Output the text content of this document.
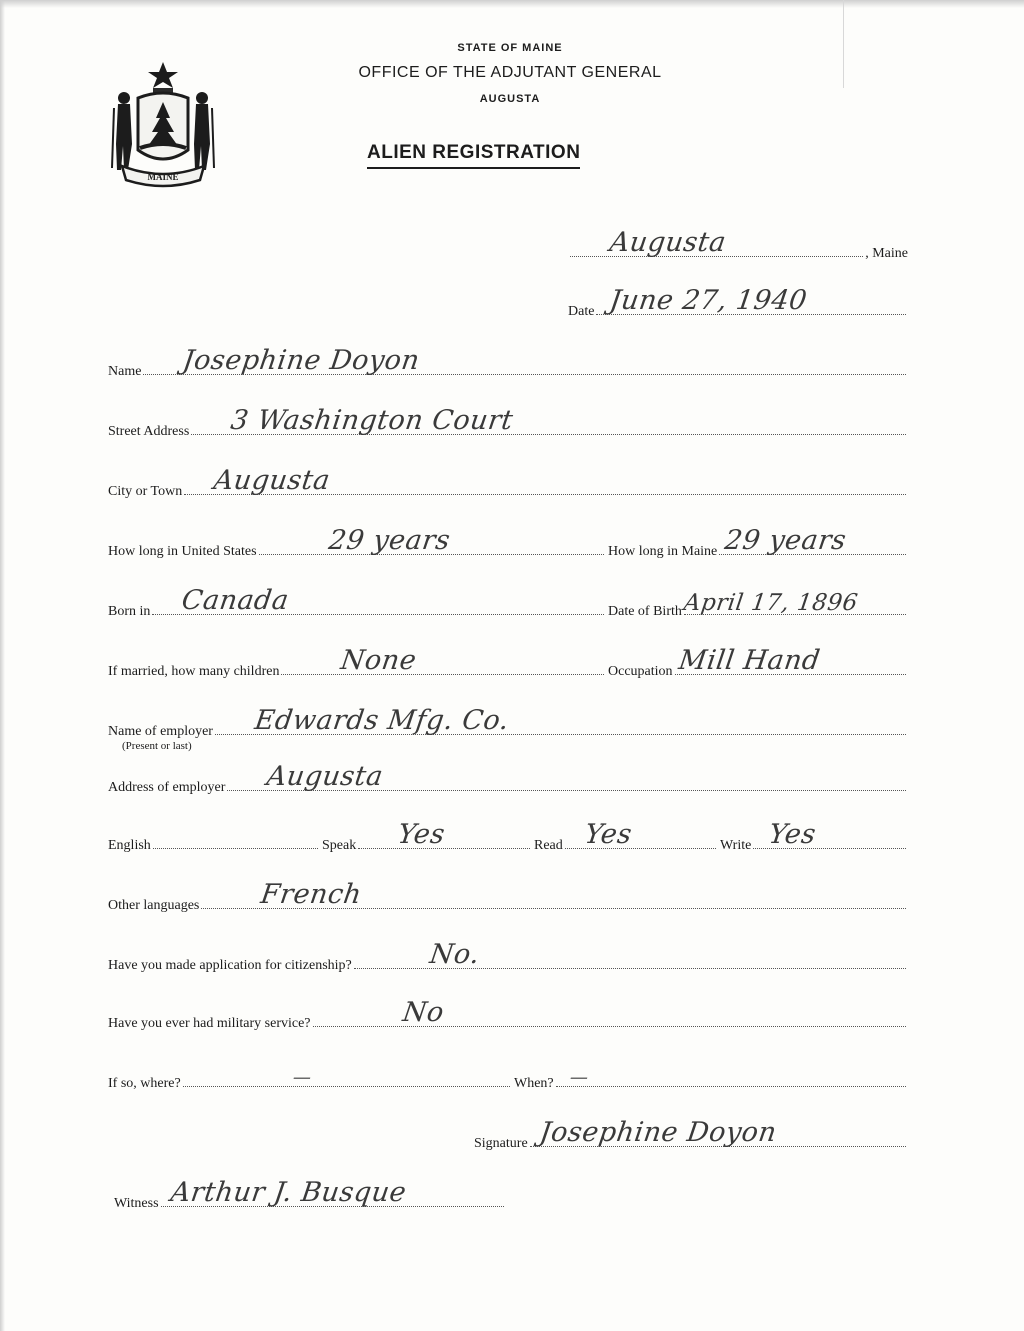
MAINE
STATE OF MAINE
OFFICE OF THE ADJUTANT GENERAL
AUGUSTA
ALIEN REGISTRATION
Augusta	, Maine
Date June 27, 1940
Name Josephine Doyon
Street Address 3 Washington Court
City or Town Augusta
How long in United States	29 years	How long in Maine 29 years
Born in Canada	Date of Birth April 17, 1896
If married, how many children None	Occupation Mill Hand
Name of employer Edwards Mfg. Co.
(Present or last)
Address of employer Augusta
English	Speak Yes	Read Yes	Write Yes
Other languages French
Have you made application for citizenship?	No.
Have you ever had military service?	No
If so, where?	—	When? —
Signature Josephine Doyon
Witness Arthur J. Busque
